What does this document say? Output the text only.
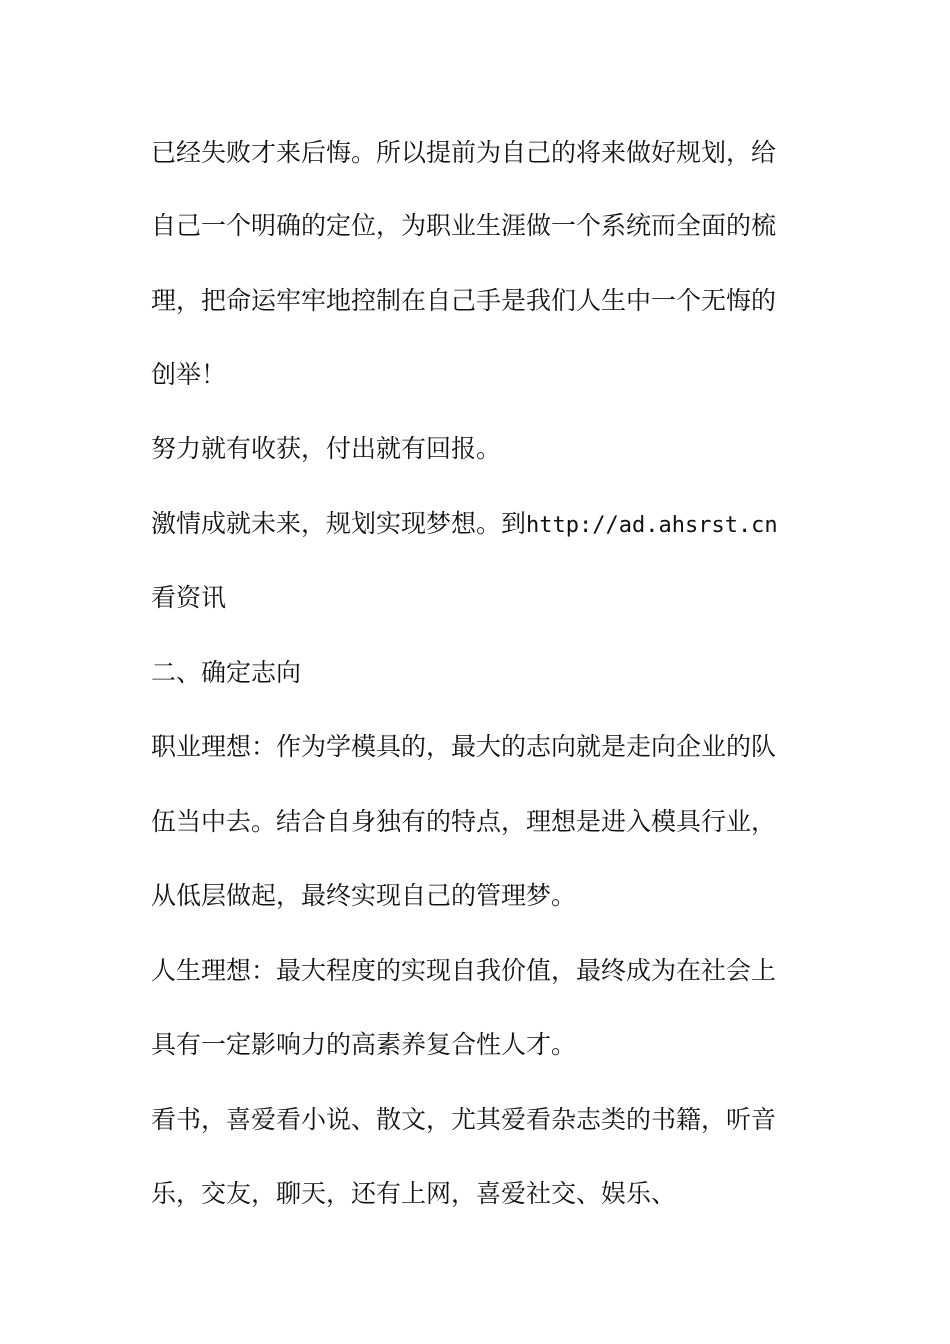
已经失败才来后悔。所以提前为自己的将来做好规划，给
自己一个明确的定位，为职业生涯做一个系统而全面的梳
理，把命运牢牢地控制在自己手是我们人生中一个无悔的
创举！
努力就有收获，付出就有回报。
激情成就未来，规划实现梦想。到http://ad.ahsrst.cn
看资讯
二、确定志向
职业理想：作为学模具的，最大的志向就是走向企业的队
伍当中去。结合自身独有的特点，理想是进入模具行业，
从低层做起，最终实现自己的管理梦。
人生理想：最大程度的实现自我价值，最终成为在社会上
具有一定影响力的高素养复合性人才。
看书，喜爱看小说、散文，尤其爱看杂志类的书籍，听音
乐，交友，聊天，还有上网，喜爱社交、娱乐、
